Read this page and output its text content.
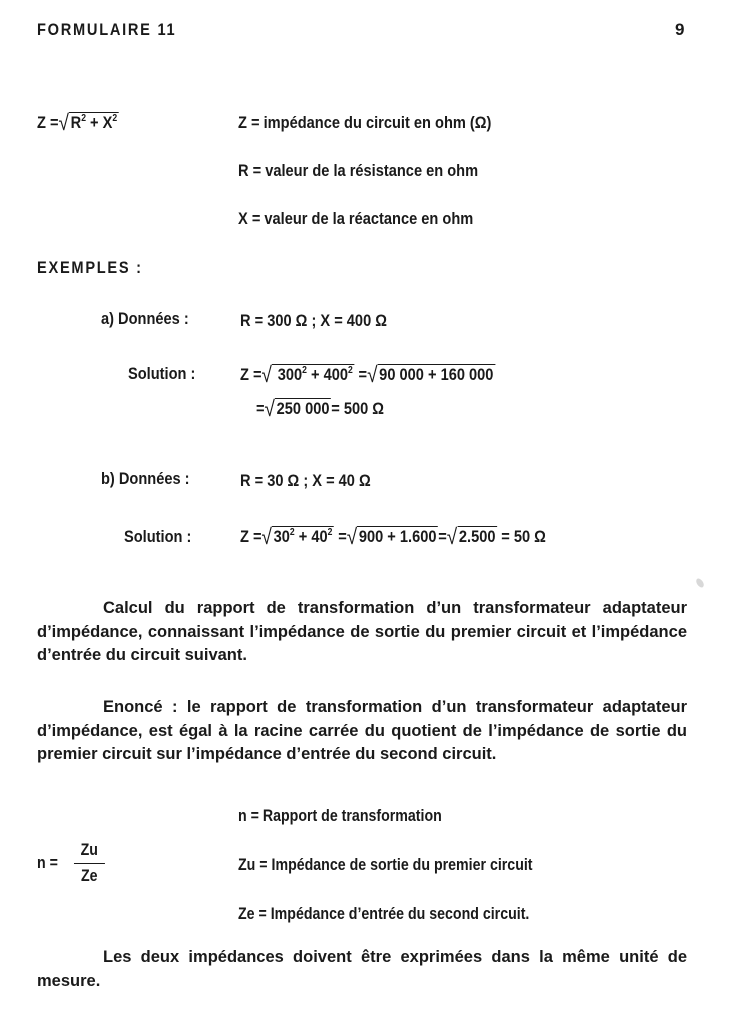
FORMULAIRE 11	9
Z =√ $R^2 + X^2$	Z = impédance du circuit en ohm (Ω)
R = valeur de la résistance en ohm
X = valeur de la réactance en ohm
EXEMPLES :
a) Données :	R = 300 Ω ; X = 400 Ω
Solution :	Z =√ $300^2 + 400^2$ =√ 90 000 + 160 000
=√ 250 000 = 500 Ω
b) Données :	R = 30 Ω ; X = 40 Ω
Solution :	Z =√ $30^2 + 40^2$ =√ 900 + 1.600 =√ 2.500 = 50 Ω
Calcul du rapport de transformation d’un transformateur adaptateur d’impédance, connaissant l’impédance de sortie du premier circuit et l’impédance d’entrée du circuit suivant.
Enoncé : le rapport de transformation d’un transformateur adaptateur d’impédance, est égal à la racine carrée du quotient de l’impédance de sortie du premier circuit sur l’impédance d’entrée du second circuit.
n = Rapport de transformation
$n = \frac{Zu}{Ze}$	Zu = Impédance de sortie du premier circuit
Ze = Impédance d’entrée du second circuit.
Les deux impédances doivent être exprimées dans la même unité de mesure.
